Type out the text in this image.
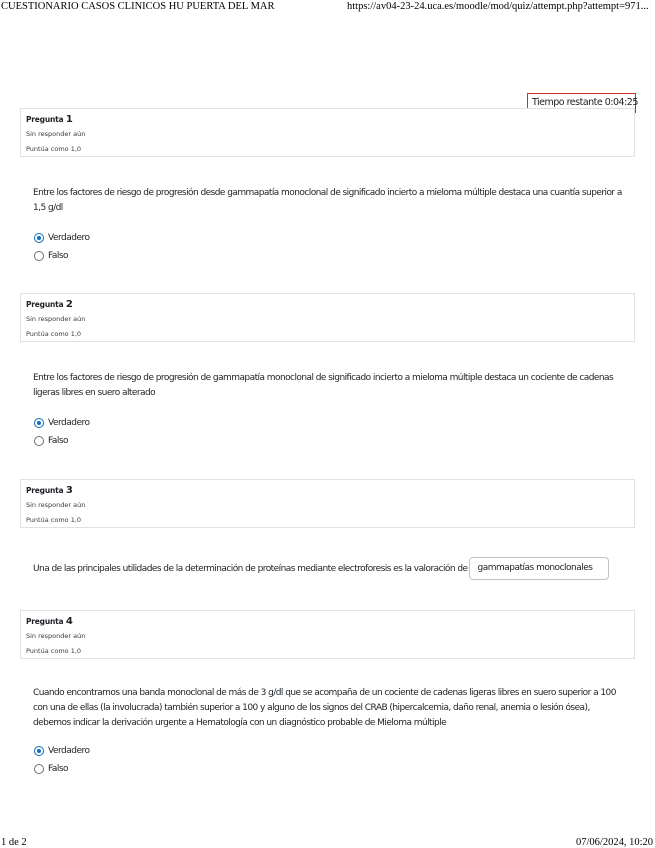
CUESTIONARIO CASOS CLINICOS HU PUERTA DEL MAR	https://av04-23-24.uca.es/moodle/mod/quiz/attempt.php?attempt=971...
Tiempo restante 0:04:25
Pregunta 1
Sin responder aún
Puntúa como 1,0
Entre los factores de riesgo de progresión desde gammapatía monoclonal de significado incierto a mieloma múltiple destaca una cuantía superior a 1,5 g/dl
Verdadero
Falso
Pregunta 2
Sin responder aún
Puntúa como 1,0
Entre los factores de riesgo de progresión de gammapatía monoclonal de significado incierto a mieloma múltiple destaca un cociente de cadenas ligeras libres en suero alterado
Verdadero
Falso
Pregunta 3
Sin responder aún
Puntúa como 1,0
Una de las principales utilidades de la determinación de proteínas mediante electroforesis es la valoración de	gammapatías monoclonales
Pregunta 4
Sin responder aún
Puntúa como 1,0
Cuando encontramos una banda monoclonal de más de 3 g/dl que se acompaña de un cociente de cadenas ligeras libres en suero superior a 100 con una de ellas (la involucrada) también superior a 100 y alguno de los signos del CRAB (hipercalcemia, daño renal, anemia o lesión ósea), debemos indicar la derivación urgente a Hematología con un diagnóstico probable de Mieloma múltiple
Verdadero
Falso
1 de 2	07/06/2024, 10:20
